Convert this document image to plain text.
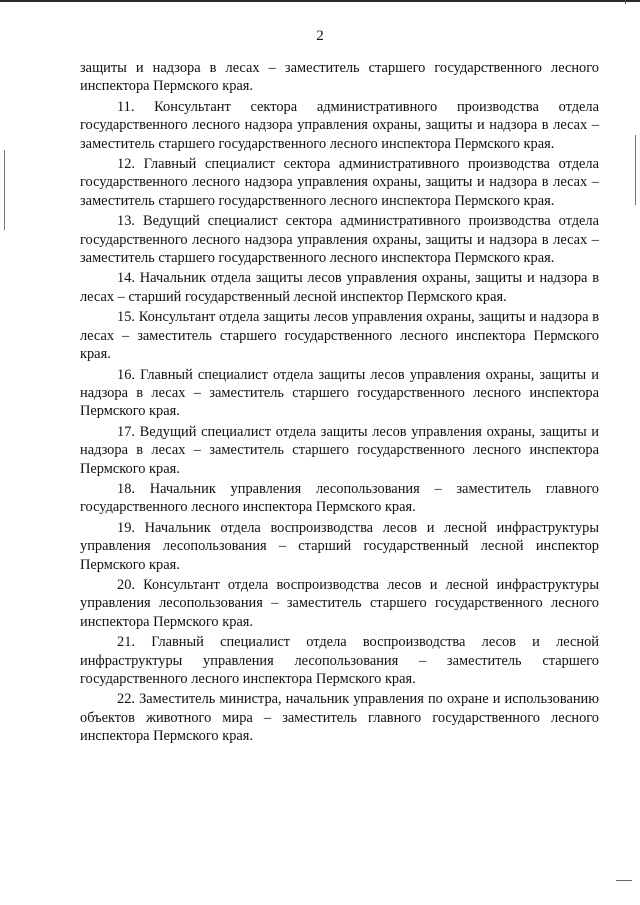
2

защиты и надзора в лесах – заместитель старшего государственного лесного инспектора Пермского края.

11. Консультант сектора административного производства отдела государственного лесного надзора управления охраны, защиты и надзора в лесах – заместитель старшего государственного лесного инспектора Пермского края.

12. Главный специалист сектора административного производства отдела государственного лесного надзора управления охраны, защиты и надзора в лесах – заместитель старшего государственного лесного инспектора Пермского края.

13. Ведущий специалист сектора административного производства отдела государственного лесного надзора управления охраны, защиты и надзора в лесах – заместитель старшего государственного лесного инспектора Пермского края.

14. Начальник отдела защиты лесов управления охраны, защиты и надзора в лесах – старший государственный лесной инспектор Пермского края.

15. Консультант отдела защиты лесов управления охраны, защиты и надзора в лесах – заместитель старшего государственного лесного инспектора Пермского края.

16. Главный специалист отдела защиты лесов управления охраны, защиты и надзора в лесах – заместитель старшего государственного лесного инспектора Пермского края.

17. Ведущий специалист отдела защиты лесов управления охраны, защиты и надзора в лесах – заместитель старшего государственного лесного инспектора Пермского края.

18. Начальник управления лесопользования – заместитель главного государственного лесного инспектора Пермского края.

19. Начальник отдела воспроизводства лесов и лесной инфраструктуры управления лесопользования – старший государственный лесной инспектор Пермского края.

20. Консультант отдела воспроизводства лесов и лесной инфраструктуры управления лесопользования – заместитель старшего государственного лесного инспектора Пермского края.

21. Главный специалист отдела воспроизводства лесов и лесной инфраструктуры управления лесопользования – заместитель старшего государственного лесного инспектора Пермского края.

22. Заместитель министра, начальник управления по охране и использованию объектов животного мира – заместитель главного государственного лесного инспектора Пермского края.
